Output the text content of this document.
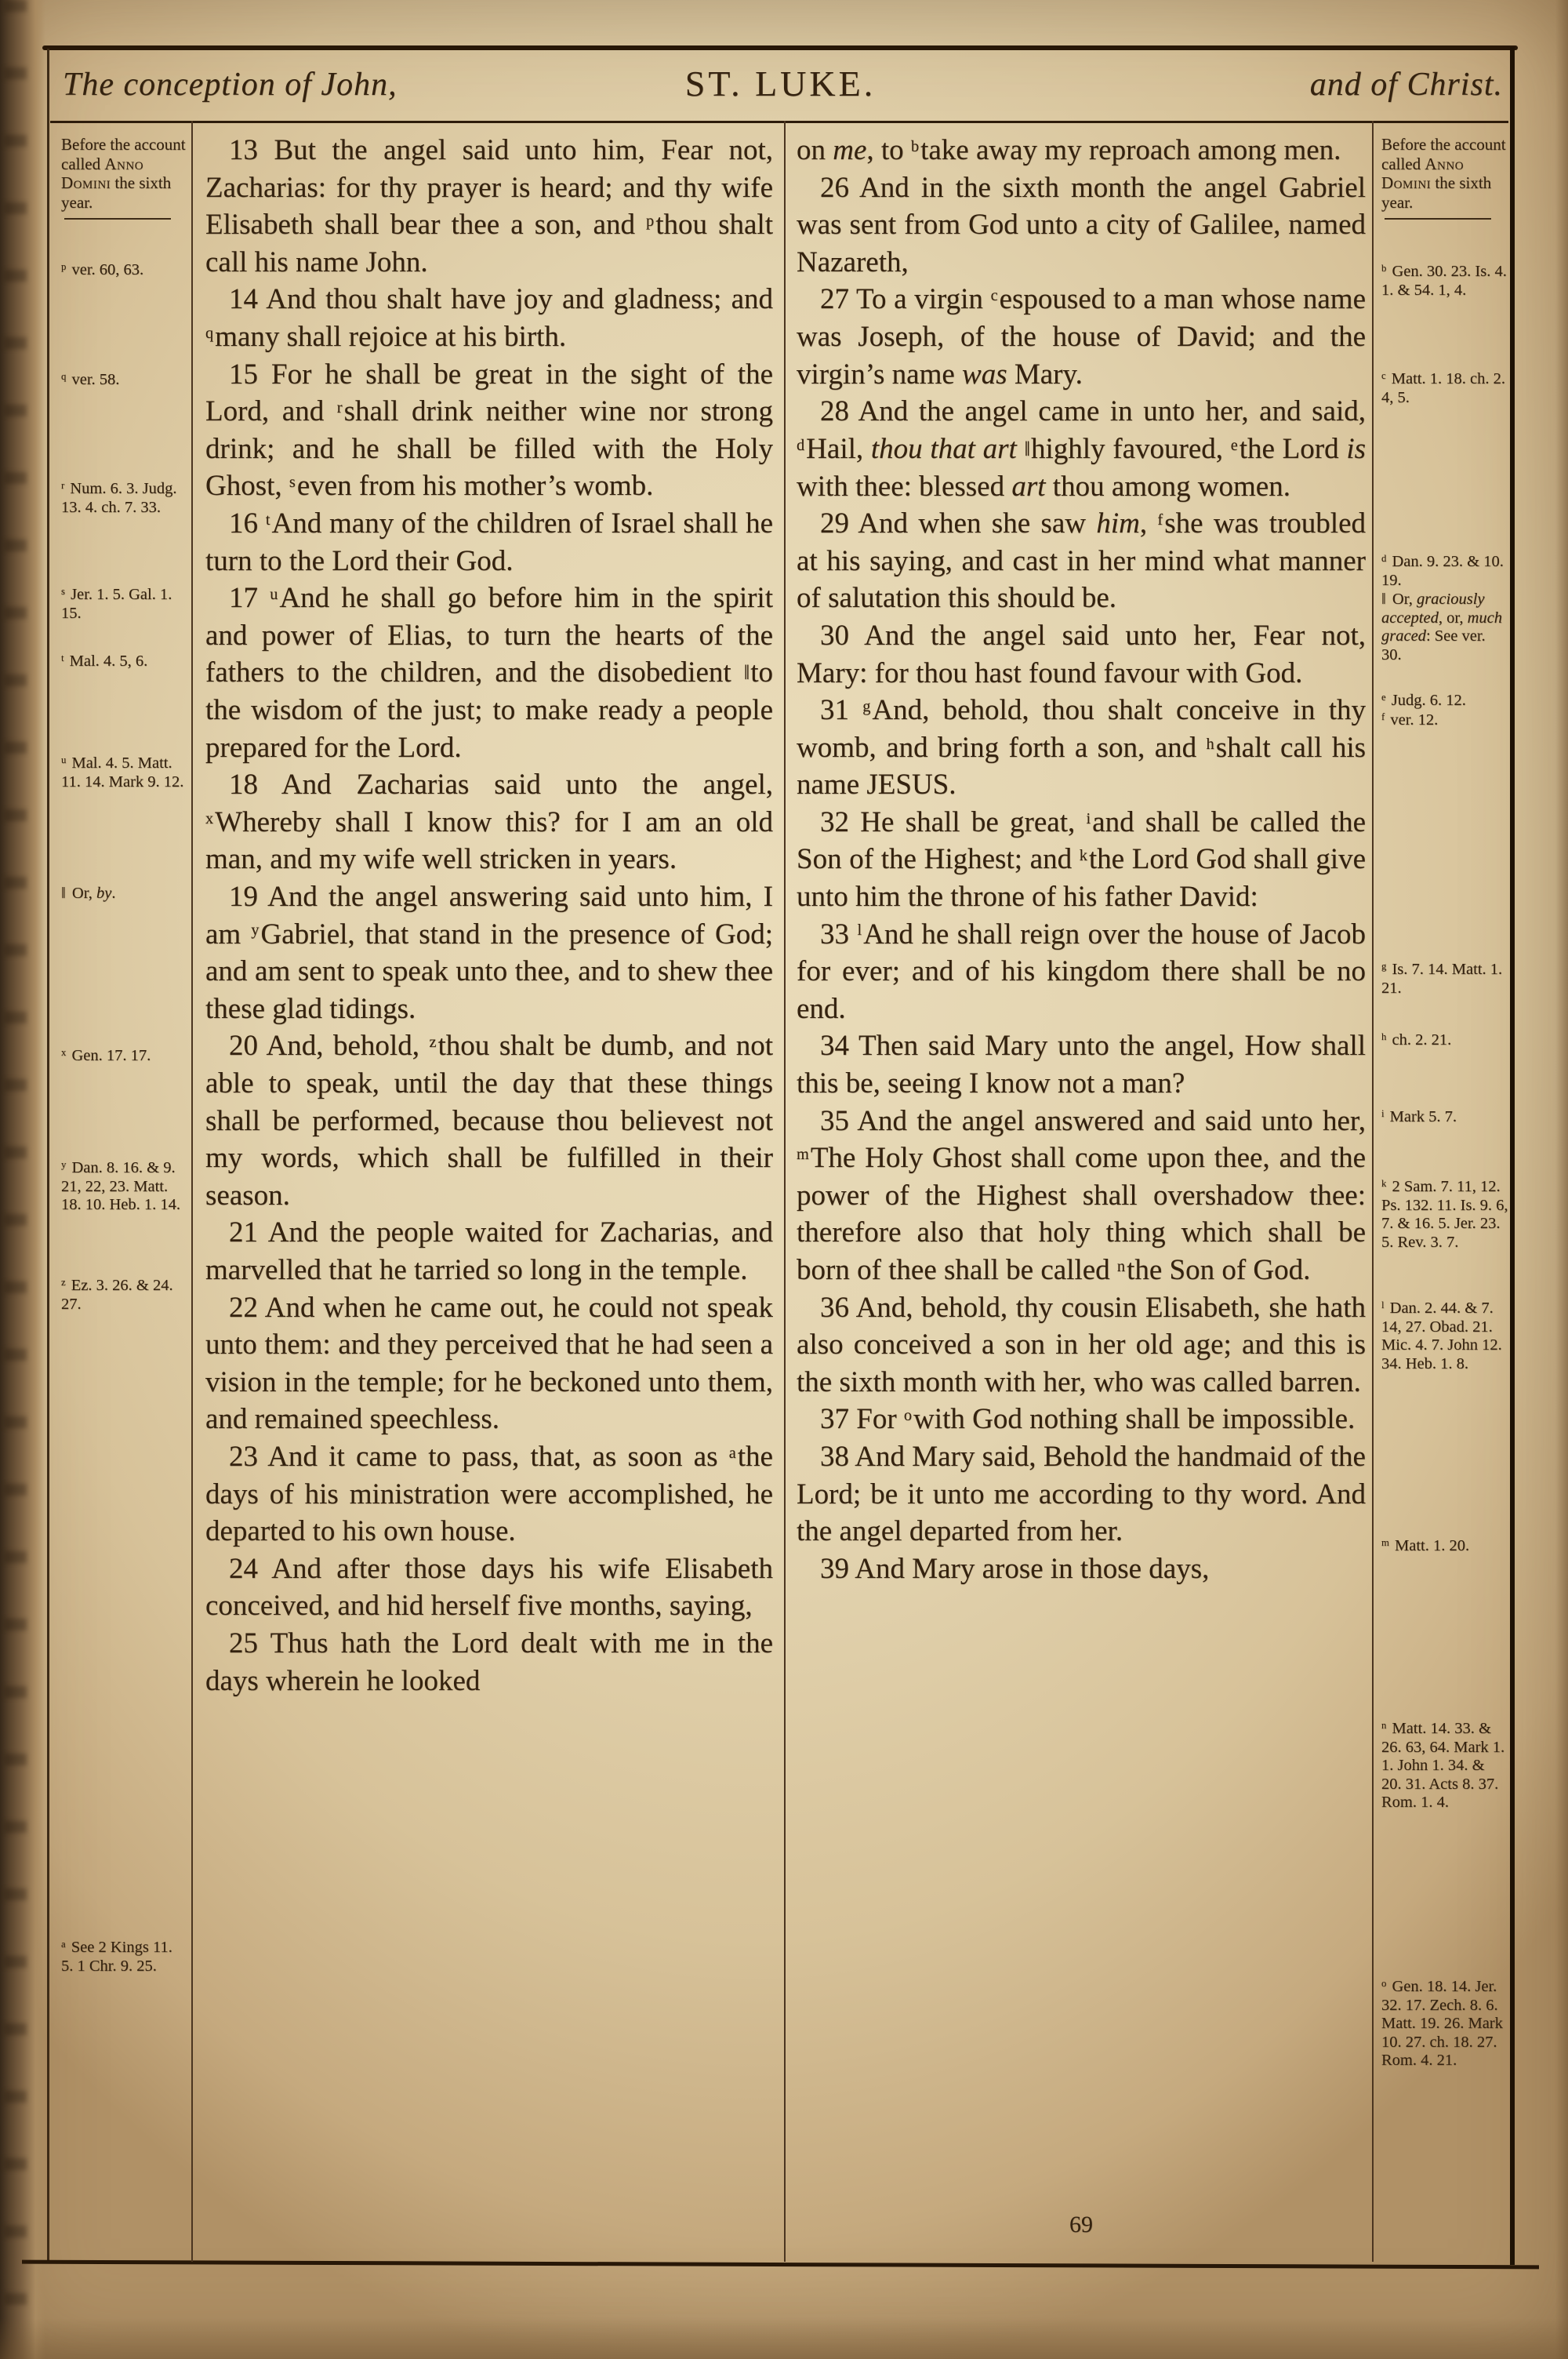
The conception of John,	ST. LUKE.	and of Christ.
Before the account called Anno Domini the sixth year.
$^p$ ver. 60, 63.
$^q$ ver. 58.
$^r$ Num. 6. 3. Judg. 13. 4. ch. 7. 33.
$^s$ Jer. 1. 5. Gal. 1. 15.
$^t$ Mal. 4. 5, 6.
$^u$ Mal. 4. 5. Matt. 11. 14. Mark 9. 12.
‖ Or, by.
$^x$ Gen. 17. 17.
$^y$ Dan. 8. 16. & 9. 21, 22, 23. Matt. 18. 10. Heb. 1. 14.
$^z$ Ez. 3. 26. & 24. 27.
$^a$ See 2 Kings 11. 5. 1 Chr. 9. 25.

13 But the angel said unto him, Fear not, Zacharias: for thy prayer is heard; and thy wife Elisabeth shall bear thee a son, and $^p$thou shalt call his name John.

14 And thou shalt have joy and gladness; and $^q$many shall rejoice at his birth.

15 For he shall be great in the sight of the Lord, and $^r$shall drink neither wine nor strong drink; and he shall be filled with the Holy Ghost, $^s$even from his mother’s womb.

16 $^t$And many of the children of Israel shall he turn to the Lord their God.

17 $^u$And he shall go before him in the spirit and power of Elias, to turn the hearts of the fathers to the children, and the disobedient ‖to the wisdom of the just; to make ready a people prepared for the Lord.

18 And Zacharias said unto the angel, $^x$Whereby shall I know this? for I am an old man, and my wife well stricken in years.

19 And the angel answering said unto him, I am $^y$Gabriel, that stand in the presence of God; and am sent to speak unto thee, and to shew thee these glad tidings.

20 And, behold, $^z$thou shalt be dumb, and not able to speak, until the day that these things shall be performed, because thou believest not my words, which shall be fulfilled in their season.

21 And the people waited for Zacharias, and marvelled that he tarried so long in the temple.

22 And when he came out, he could not speak unto them: and they perceived that he had seen a vision in the temple; for he beckoned unto them, and remained speechless.

23 And it came to pass, that, as soon as $^a$the days of his ministration were accomplished, he departed to his own house.

24 And after those days his wife Elisabeth conceived, and hid herself five months, saying,

25 Thus hath the Lord dealt with me in the days wherein he looked

on me, to $^b$take away my reproach among men.

26 And in the sixth month the angel Gabriel was sent from God unto a city of Galilee, named Nazareth,

27 To a virgin $^c$espoused to a man whose name was Joseph, of the house of David; and the virgin’s name was Mary.

28 And the angel came in unto her, and said, $^d$Hail, thou that art ‖highly favoured, $^e$the Lord is with thee: blessed art thou among women.

29 And when she saw him, $^f$she was troubled at his saying, and cast in her mind what manner of salutation this should be.

30 And the angel said unto her, Fear not, Mary: for thou hast found favour with God.

31 $^g$And, behold, thou shalt conceive in thy womb, and bring forth a son, and $^h$shalt call his name JESUS.

32 He shall be great, $^i$and shall be called the Son of the Highest; and $^k$the Lord God shall give unto him the throne of his father David:

33 $^l$And he shall reign over the house of Jacob for ever; and of his kingdom there shall be no end.

34 Then said Mary unto the angel, How shall this be, seeing I know not a man?

35 And the angel answered and said unto her, $^m$The Holy Ghost shall come upon thee, and the power of the Highest shall overshadow thee: therefore also that holy thing which shall be born of thee shall be called $^n$the Son of God.

36 And, behold, thy cousin Elisabeth, she hath also conceived a son in her old age; and this is the sixth month with her, who was called barren.

37 For $^o$with God nothing shall be impossible.

38 And Mary said, Behold the handmaid of the Lord; be it unto me according to thy word. And the angel departed from her.

39 And Mary arose in those days,

Before the account called Anno Domini the sixth year.
$^b$ Gen. 30. 23. Is. 4. 1. & 54. 1, 4.
$^c$ Matt. 1. 18. ch. 2. 4, 5.
$^d$ Dan. 9. 23. & 10. 19.
‖ Or, graciously accepted, or, much graced: See ver. 30.
$^e$ Judg. 6. 12.
$^f$ ver. 12.
$^g$ Is. 7. 14. Matt. 1. 21.
$^h$ ch. 2. 21.
$^i$ Mark 5. 7.
$^k$ 2 Sam. 7. 11, 12. Ps. 132. 11. Is. 9. 6, 7. & 16. 5. Jer. 23. 5. Rev. 3. 7.
$^l$ Dan. 2. 44. & 7. 14, 27. Obad. 21. Mic. 4. 7. John 12. 34. Heb. 1. 8.
$^m$ Matt. 1. 20.
$^n$ Matt. 14. 33. & 26. 63, 64. Mark 1. 1. John 1. 34. & 20. 31. Acts 8. 37. Rom. 1. 4.
$^o$ Gen. 18. 14. Jer. 32. 17. Zech. 8. 6. Matt. 19. 26. Mark 10. 27. ch. 18. 27. Rom. 4. 21.
69
